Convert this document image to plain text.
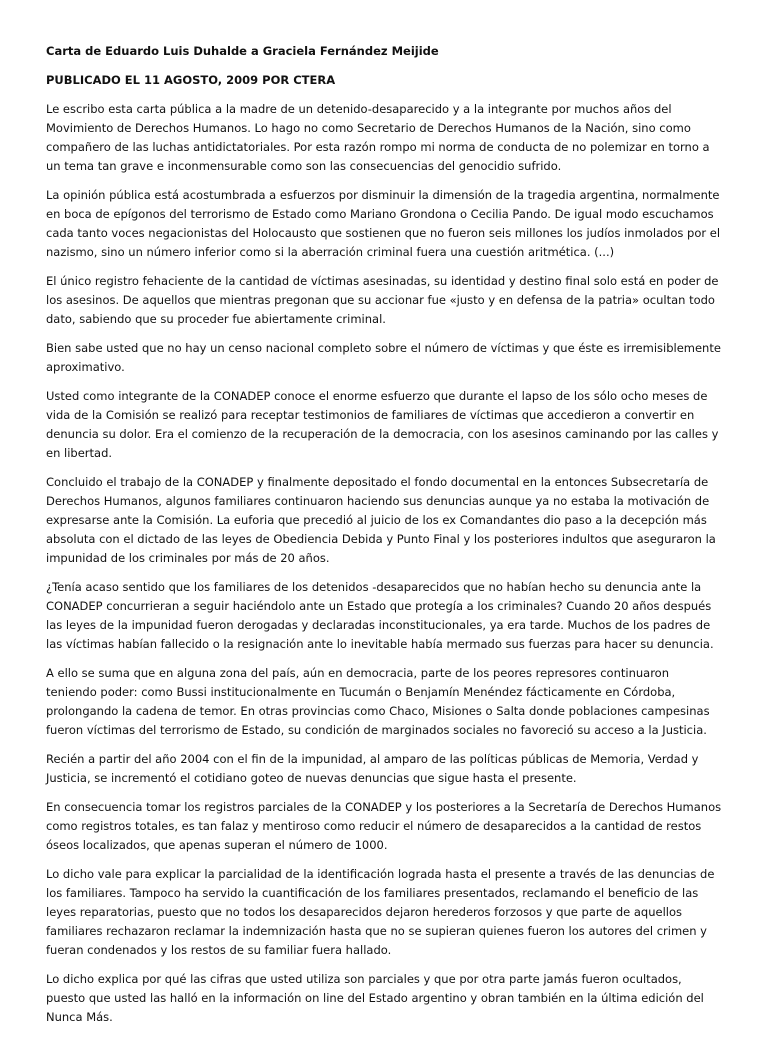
Carta de Eduardo Luis Duhalde a Graciela Fernández Meijide

PUBLICADO EL 11 AGOSTO, 2009 POR CTERA

Le escribo esta carta pública a la madre de un detenido-desaparecido y a la integrante por muchos años del Movimiento de Derechos Humanos. Lo hago no como Secretario de Derechos Humanos de la Nación, sino como compañero de las luchas antidictatoriales. Por esta razón rompo mi norma de conducta de no polemizar en torno a un tema tan grave e inconmensurable como son las consecuencias del genocidio sufrido.

La opinión pública está acostumbrada a esfuerzos por disminuir la dimensión de la tragedia argentina, normalmente en boca de epígonos del terrorismo de Estado como Mariano Grondona o Cecilia Pando. De igual modo escuchamos cada tanto voces negacionistas del Holocausto que sostienen que no fueron seis millones los judíos inmolados por el nazismo, sino un número inferior como si la aberración criminal fuera una cuestión aritmética. (...)

El único registro fehaciente de la cantidad de víctimas asesinadas, su identidad y destino final solo está en poder de los asesinos. De aquellos que mientras pregonan que su accionar fue «justo y en defensa de la patria» ocultan todo dato, sabiendo que su proceder fue abiertamente criminal.

Bien sabe usted que no hay un censo nacional completo sobre el número de víctimas y que éste es irremisiblemente aproximativo.

Usted como integrante de la CONADEP conoce el enorme esfuerzo que durante el lapso de los sólo ocho meses de vida de la Comisión se realizó para receptar testimonios de familiares de víctimas que accedieron a convertir en denuncia su dolor. Era el comienzo de la recuperación de la democracia, con los asesinos caminando por las calles y en libertad.

Concluido el trabajo de la CONADEP y finalmente depositado el fondo documental en la entonces Subsecretaría de Derechos Humanos, algunos familiares continuaron haciendo sus denuncias aunque ya no estaba la motivación de expresarse ante la Comisión. La euforia que precedió al juicio de los ex Comandantes dio paso a la decepción más absoluta con el dictado de las leyes de Obediencia Debida y Punto Final y los posteriores indultos que aseguraron la impunidad de los criminales por más de 20 años.

¿Tenía acaso sentido que los familiares de los detenidos -desaparecidos que no habían hecho su denuncia ante la CONADEP concurrieran a seguir haciéndolo ante un Estado que protegía a los criminales? Cuando 20 años después las leyes de la impunidad fueron derogadas y declaradas inconstitucionales, ya era tarde. Muchos de los padres de las víctimas habían fallecido o la resignación ante lo inevitable había mermado sus fuerzas para hacer su denuncia.

A ello se suma que en alguna zona del país, aún en democracia, parte de los peores represores continuaron teniendo poder: como Bussi institucionalmente en Tucumán o Benjamín Menéndez fácticamente en Córdoba, prolongando la cadena de temor. En otras provincias como Chaco, Misiones o Salta donde poblaciones campesinas fueron víctimas del terrorismo de Estado, su condición de marginados sociales no favoreció su acceso a la Justicia.

Recién a partir del año 2004 con el fin de la impunidad, al amparo de las políticas públicas de Memoria, Verdad y Justicia, se incrementó el cotidiano goteo de nuevas denuncias que sigue hasta el presente.

En consecuencia tomar los registros parciales de la CONADEP y los posteriores a la Secretaría de Derechos Humanos como registros totales, es tan falaz y mentiroso como reducir el número de desaparecidos a la cantidad de restos óseos localizados, que apenas superan el número de 1000.

Lo dicho vale para explicar la parcialidad de la identificación lograda hasta el presente a través de las denuncias de los familiares. Tampoco ha servido la cuantificación de los familiares presentados, reclamando el beneficio de las leyes reparatorias, puesto que no todos los desaparecidos dejaron herederos forzosos y que parte de aquellos familiares rechazaron reclamar la indemnización hasta que no se supieran quienes fueron los autores del crimen y fueran condenados y los restos de su familiar fuera hallado.

Lo dicho explica por qué las cifras que usted utiliza son parciales y que por otra parte jamás fueron ocultados, puesto que usted las halló en la información on line del Estado argentino y obran también en la última edición del Nunca Más.
